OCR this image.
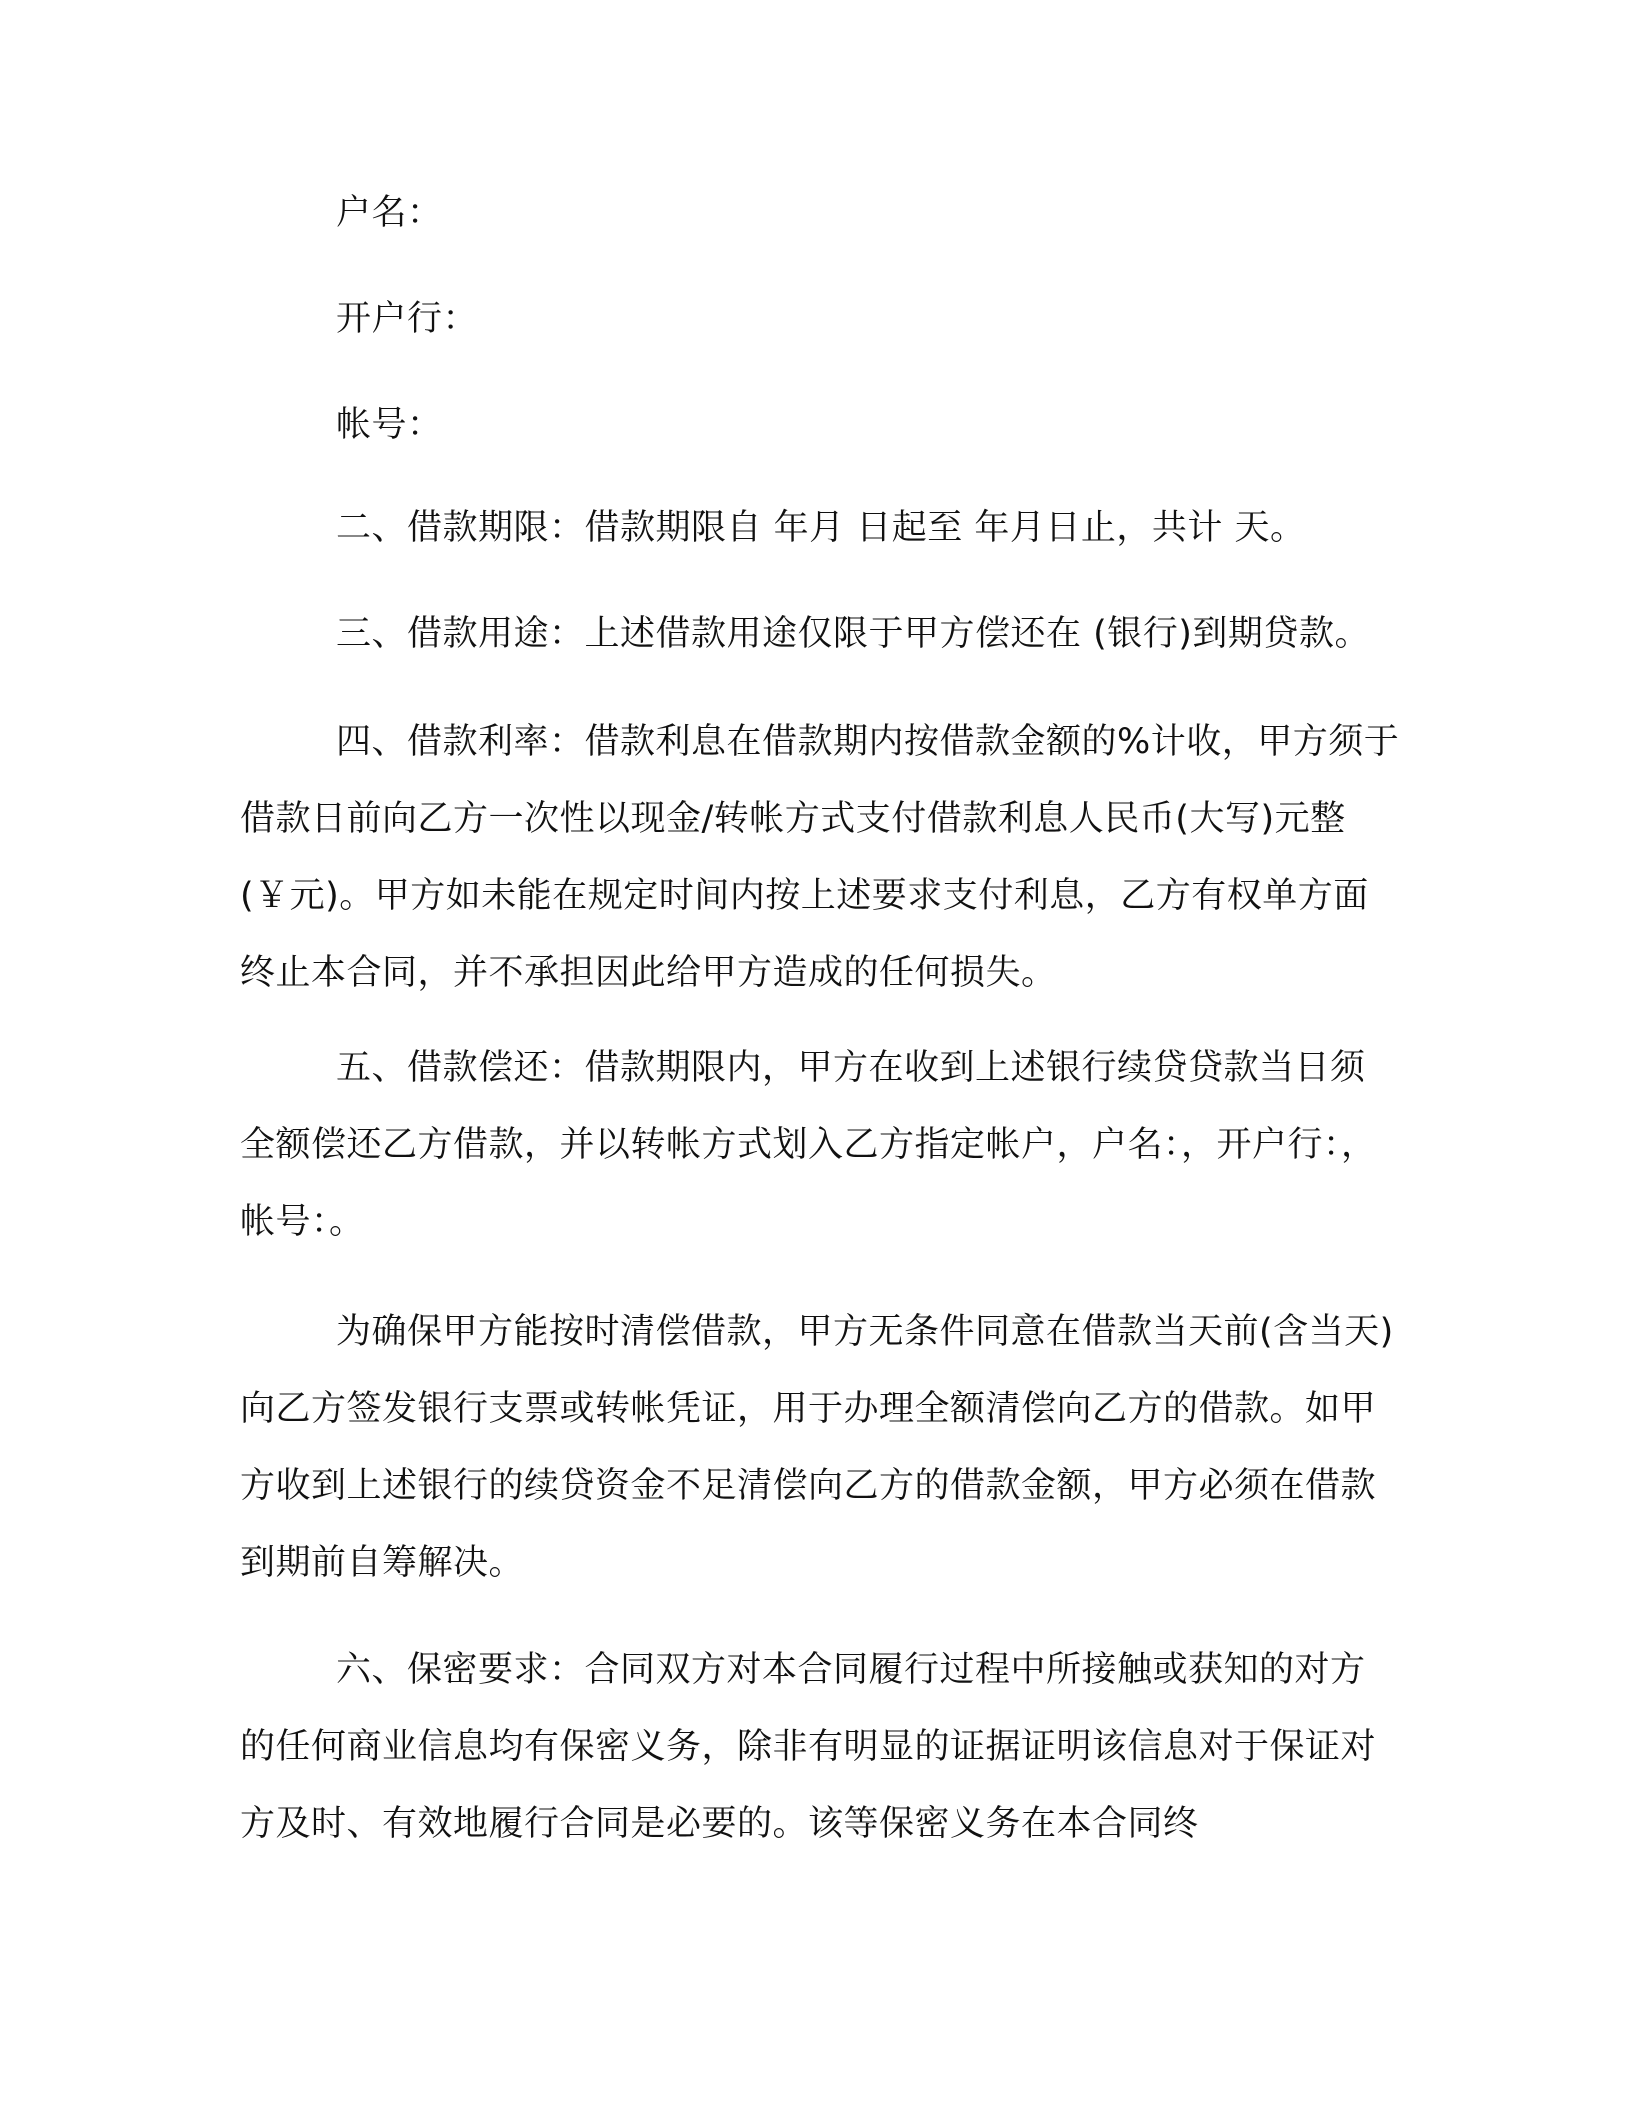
户名：

开户行：

帐号：

二、借款期限：借款期限自 年月 日起至 年月日止，共计 天。

三、借款用途：上述借款用途仅限于甲方偿还在 (银行)到期贷款。

四、借款利率：借款利息在借款期内按借款金额的%计收，甲方须于借款日前向乙方一次性以现金/转帐方式支付借款利息人民币(大写)元整(￥元)。甲方如未能在规定时间内按上述要求支付利息，乙方有权单方面终止本合同，并不承担因此给甲方造成的任何损失。

五、借款偿还：借款期限内，甲方在收到上述银行续贷贷款当日须全额偿还乙方借款，并以转帐方式划入乙方指定帐户，户名：，开户行：，帐号：。

为确保甲方能按时清偿借款，甲方无条件同意在借款当天前(含当天)向乙方签发银行支票或转帐凭证，用于办理全额清偿向乙方的借款。如甲方收到上述银行的续贷资金不足清偿向乙方的借款金额，甲方必须在借款到期前自筹解决。

六、保密要求：合同双方对本合同履行过程中所接触或获知的对方的任何商业信息均有保密义务，除非有明显的证据证明该信息对于保证对方及时、有效地履行合同是必要的。该等保密义务在本合同终
